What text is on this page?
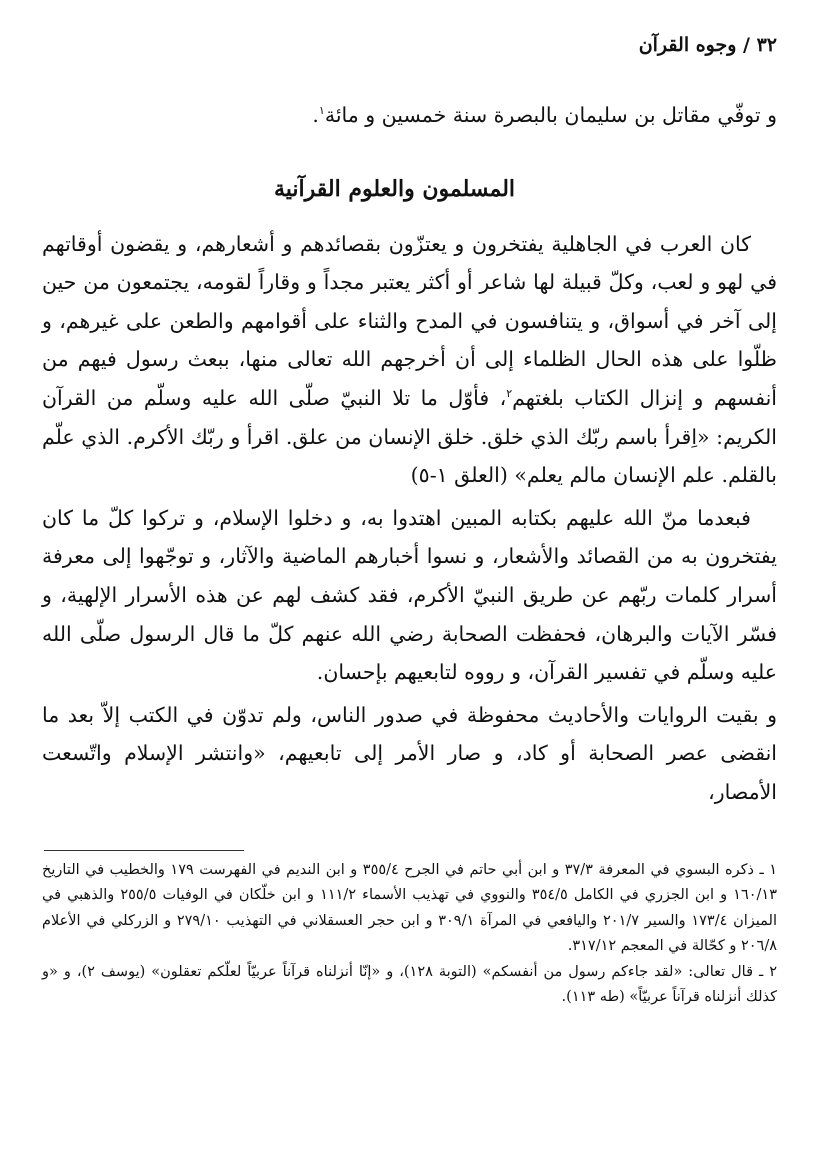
٣٢ / وجوه القرآن

و توفّي مقاتل بن سليمان بالبصرة سنة خمسين و مائة$^١$.

المسلمون والعلوم القرآنية

كان العرب في الجاهلية يفتخرون و يعتزّون بقصائدهم و أشعارهم، و يقضون أوقاتهم في لهو و لعب، وكلّ قبيلة لها شاعر أو أكثر يعتبر مجداً و وقاراً لقومه، يجتمعون من حين إلى آخر في أسواق، و يتنافسون في المدح والثناء على أقوامهم والطعن على غيرهم، و ظلّوا على هذه الحال الظلماء إلى أن أخرجهم الله تعالى منها، ببعث رسول فيهم من أنفسهم و إنزال الكتاب بلغتهم$^٢$، فأوّل ما تلا النبيّ صلّى الله عليه وسلّم من القرآن الكريم: «اِقرأ باسم ربّك الذي خلق. خلق الإنسان من علق. اقرأ و ربّك الأكرم. الذي علّم بالقلم. علم الإنسان مالم يعلم» (العلق ١-٥)

فبعدما منّ الله عليهم بكتابه المبين اهتدوا به، و دخلوا الإسلام، و تركوا كلّ ما كان يفتخرون به من القصائد والأشعار، و نسوا أخبارهم الماضية والآثار، و توجّهوا إلى معرفة أسرار كلمات ربّهم عن طريق النبيّ الأكرم، فقد كشف لهم عن هذه الأسرار الإلهية، و فسّر الآيات والبرهان، فحفظت الصحابة رضي الله عنهم كلّ ما قال الرسول صلّى الله عليه وسلّم في تفسير القرآن، و رووه لتابعيهم بإحسان.

و بقيت الروايات والأحاديث محفوظة في صدور الناس، ولم تدوّن في الكتب إلاّ بعد ما انقضى عصر الصحابة أو كاد، و صار الأمر إلى تابعيهم، «وانتشر الإسلام واتّسعت الأمصار،

١ ـ ذكره البسوي في المعرفة ٣٧/٣ و ابن أبي حاتم في الجرح ٣٥٥/٤ و ابن النديم في الفهرست ١٧٩ والخطيب في التاريخ ١٦٠/١٣ و ابن الجزري في الكامل ٣٥٤/٥ والنووي في تهذيب الأسماء ١١١/٢ و ابن خلّكان في الوفيات ٢٥٥/٥ والذهبي في الميزان ١٧٣/٤ والسير ٢٠١/٧ واليافعي في المرآة ٣٠٩/١ و ابن حجر العسقلاني في التهذيب ٢٧٩/١٠ و الزركلي في الأعلام ٢٠٦/٨ و كحّالة في المعجم ٣١٧/١٢.

٢ ـ قال تعالى: «لقد جاءكم رسول من أنفسكم» (التوبة ١٢٨)، و «إنّا أنزلناه قرآناً عربيّاً لعلّكم تعقلون» (يوسف ٢)، و «و كذلك أنزلناه قرآناً عربيّاً» (طه ١١٣).
